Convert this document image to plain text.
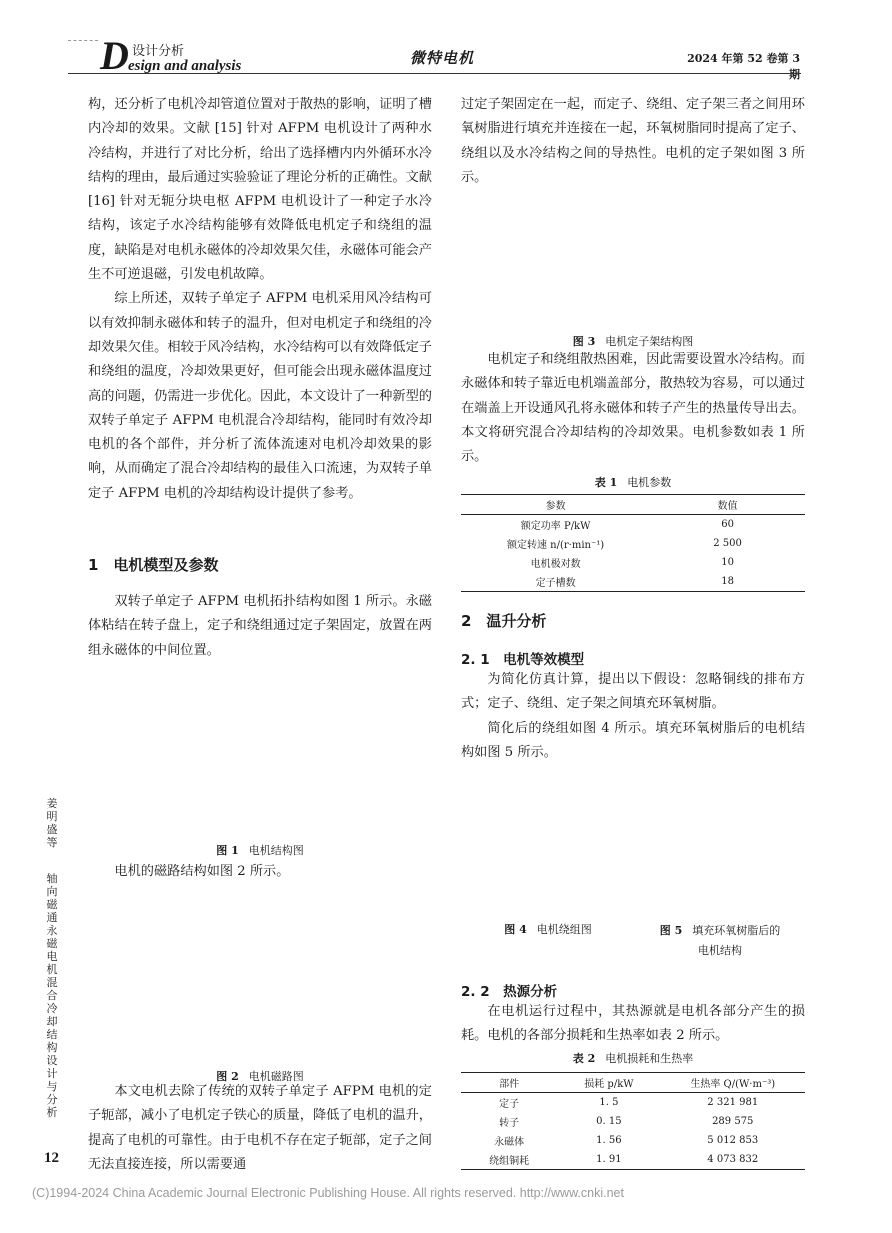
D 设计分析
esign and analysis	微特电机	2024 年第 52 卷第 3 期

构，还分析了电机冷却管道位置对于散热的影响，证明了槽内冷却的效果。文献 [15] 针对 AFPM 电机设计了两种水冷结构，并进行了对比分析，给出了选择槽内内外循环水冷结构的理由，最后通过实验验证了理论分析的正确性。文献 [16] 针对无轭分块电枢 AFPM 电机设计了一种定子水冷结构，该定子水冷结构能够有效降低电机定子和绕组的温度，缺陷是对电机永磁体的冷却效果欠佳，永磁体可能会产生不可逆退磁，引发电机故障。

综上所述，双转子单定子 AFPM 电机采用风冷结构可以有效抑制永磁体和转子的温升，但对电机定子和绕组的冷却效果欠佳。相较于风冷结构，水冷结构可以有效降低定子和绕组的温度，冷却效果更好，但可能会出现永磁体温度过高的问题，仍需进一步优化。因此，本文设计了一种新型的双转子单定子 AFPM 电机混合冷却结构，能同时有效冷却电机的各个部件，并分析了流体流速对电机冷却效果的影响，从而确定了混合冷却结构的最佳入口流速，为双转子单定子 AFPM 电机的冷却结构设计提供了参考。

1　电机模型及参数

双转子单定子 AFPM 电机拓扑结构如图 1 所示。永磁体粘结在转子盘上，定子和绕组通过定子架固定，放置在两组永磁体的中间位置。

图 1 电机结构图

电机的磁路结构如图 2 所示。

图 2 电机磁路图

本文电机去除了传统的双转子单定子 AFPM 电机的定子轭部，减小了电机定子铁心的质量，降低了电机的温升，提高了电机的可靠性。由于电机不存在定子轭部，定子之间无法直接连接，所以需要通

过定子架固定在一起，而定子、绕组、定子架三者之间用环氧树脂进行填充并连接在一起，环氧树脂同时提高了定子、绕组以及水冷结构之间的导热性。电机的定子架如图 3 所示。

图 3 电机定子架结构图

电机定子和绕组散热困难，因此需要设置水冷结构。而永磁体和转子靠近电机端盖部分，散热较为容易，可以通过在端盖上开设通风孔将永磁体和转子产生的热量传导出去。本文将研究混合冷却结构的冷却效果。电机参数如表 1 所示。

表 1 电机参数
参数	数值
额定功率 P/kW	60
额定转速 n/(r·min⁻¹)	2 500
电机极对数	10
定子槽数	18
2　温升分析
2. 1　电机等效模型

为简化仿真计算，提出以下假设：忽略铜线的排布方式；定子、绕组、定子架之间填充环氧树脂。

简化后的绕组如图 4 所示。填充环氧树脂后的电机结构如图 5 所示。

图 4 电机绕组图	图 5 填充环氧树脂后的
电机结构
2. 2　热源分析

在电机运行过程中，其热源就是电机各部分产生的损耗。电机的各部分损耗和生热率如表 2 所示。

表 2 电机损耗和生热率
部件	损耗 p/kW	生热率 Q/(W·m⁻³)
定子	1. 5	2 321 981
转子	0. 15	289 575
永磁体	1. 56	5 012 853
绕组铜耗	1. 91	4 073 832
姜明盛等
轴向磁通永磁电机混合冷却结构设计与分析
12
(C)1994-2024 China Academic Journal Electronic Publishing House. All rights reserved. http://www.cnki.net
